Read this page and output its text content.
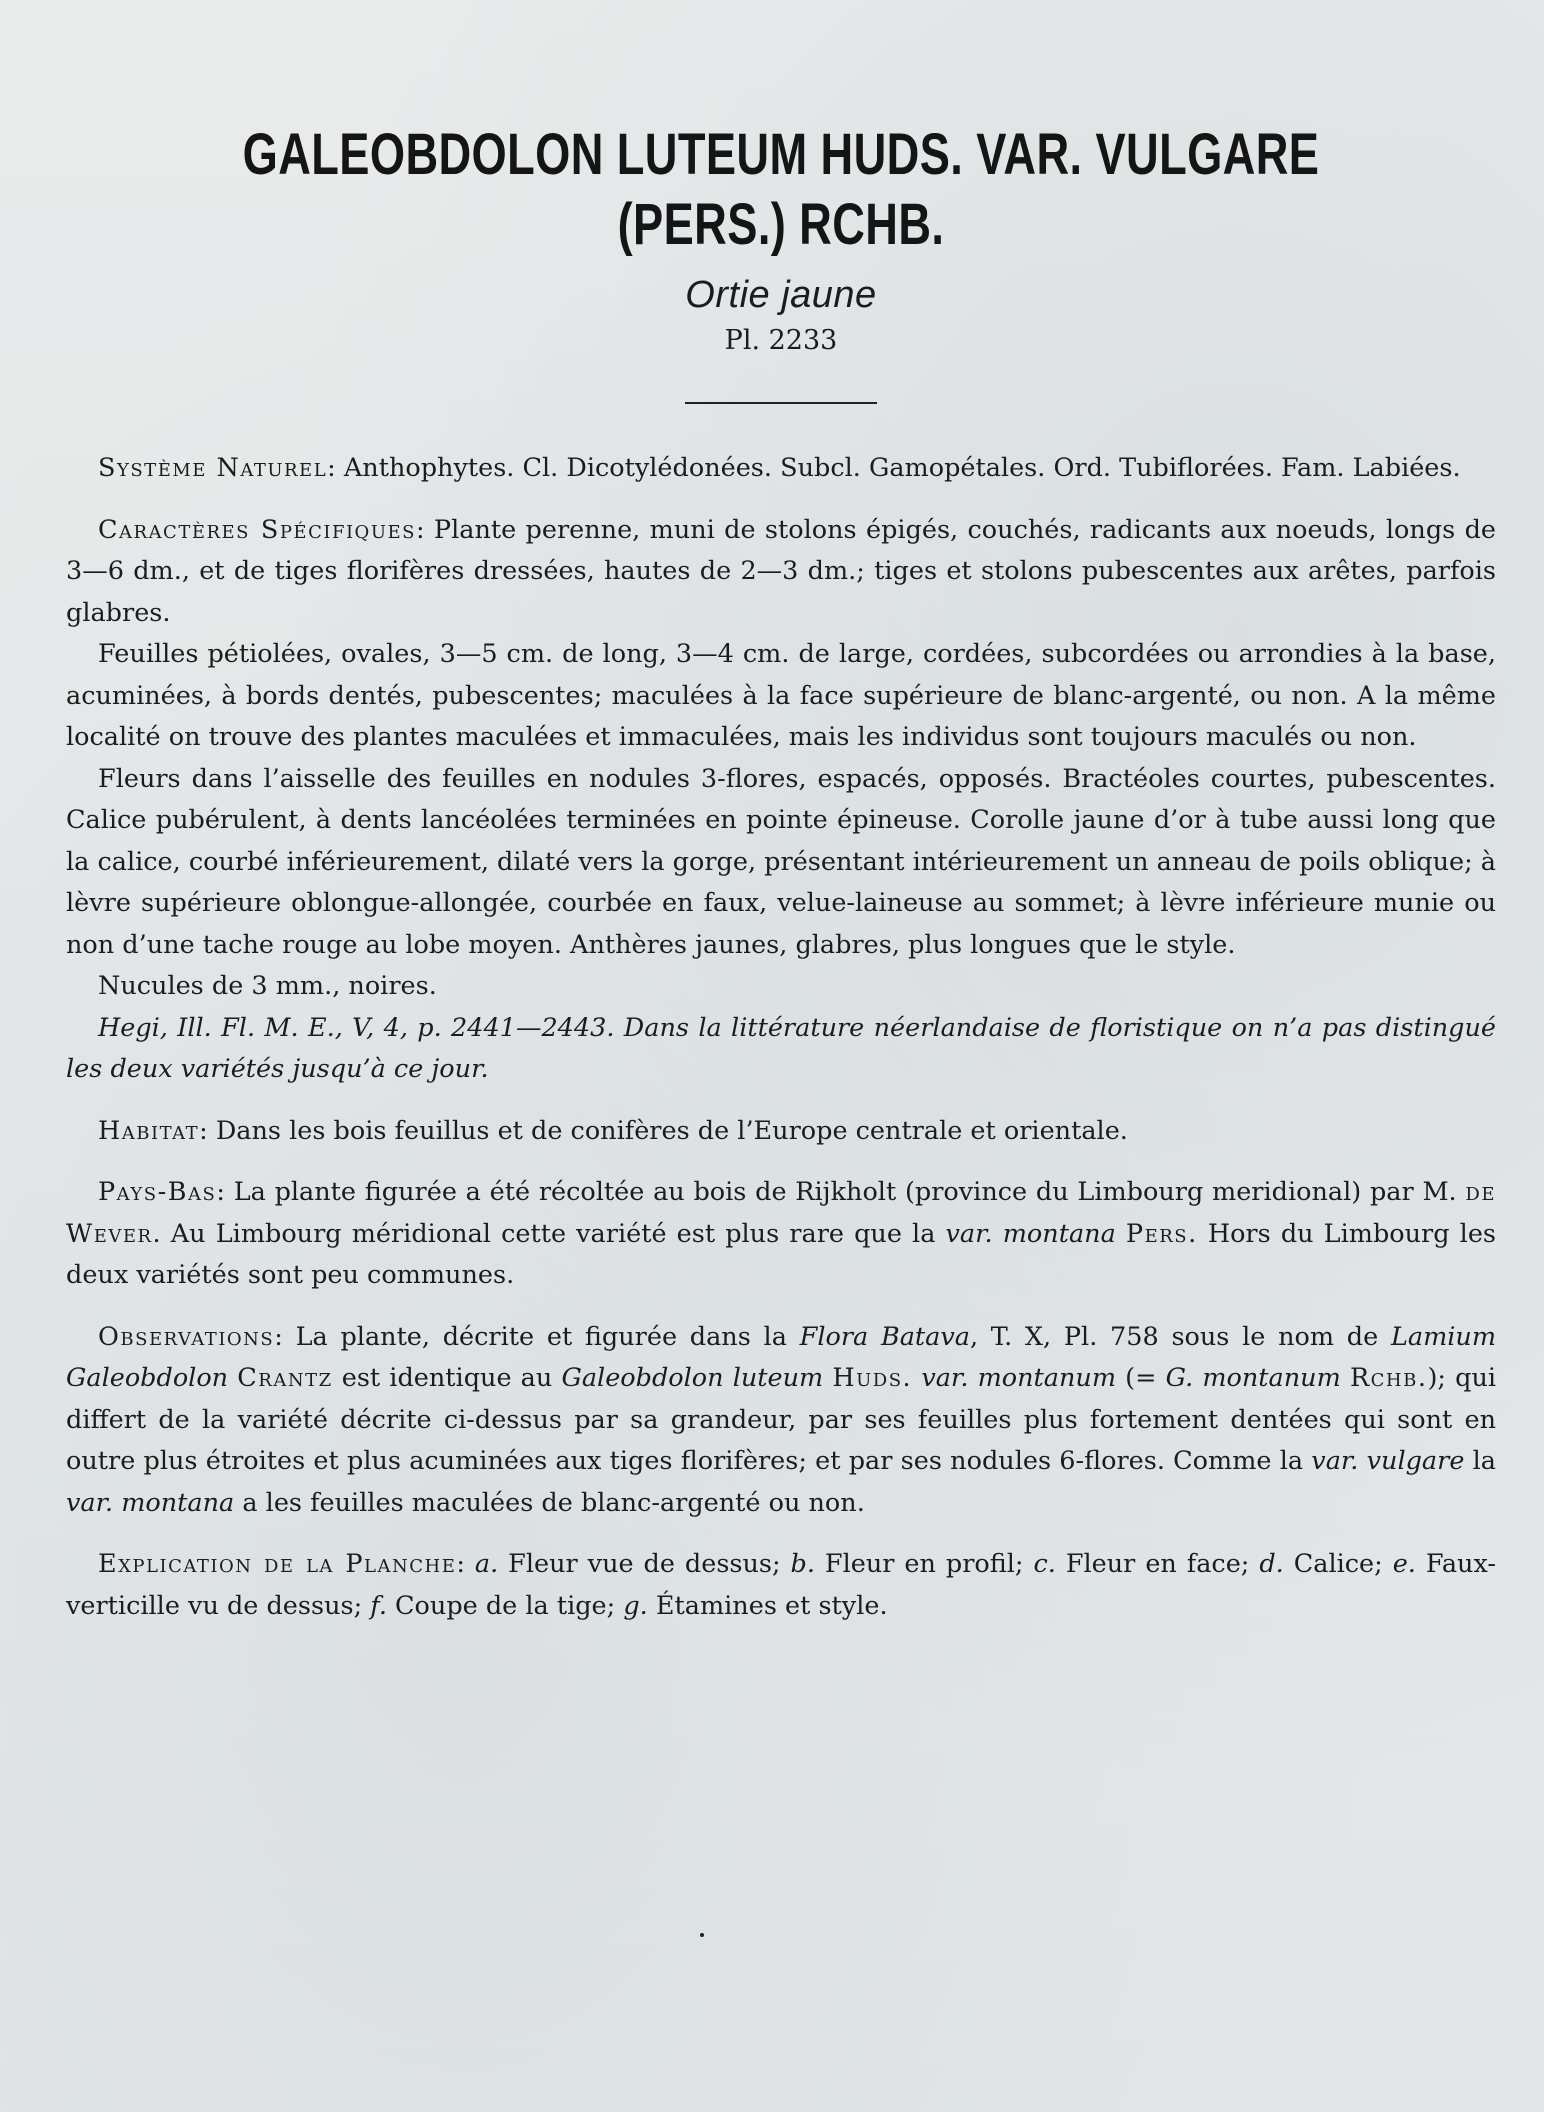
GALEOBDOLON LUTEUM HUDS. VAR. VULGARE
(PERS.) RCHB.
Ortie jaune
Pl. 2233

Système Naturel: Anthophytes. Cl. Dicotylédonées. Subcl. Gamopétales. Ord. Tubiflorées. Fam. Labiées.

Caractères Spécifiques: Plante perenne, muni de stolons épigés, couchés, radicants aux noeuds, longs de 3—6 dm., et de tiges florifères dressées, hautes de 2—3 dm.; tiges et stolons pubescentes aux arêtes, parfois glabres.

Feuilles pétiolées, ovales, 3—5 cm. de long, 3—4 cm. de large, cordées, subcordées ou arrondies à la base, acuminées, à bords dentés, pubescentes; maculées à la face supérieure de blanc-argenté, ou non. A la même localité on trouve des plantes maculées et immaculées, mais les individus sont toujours maculés ou non.

Fleurs dans l’aisselle des feuilles en nodules 3-flores, espacés, opposés. Bractéoles courtes, pubescentes. Calice pubérulent, à dents lancéolées terminées en pointe épineuse. Corolle jaune d’or à tube aussi long que la calice, courbé inférieurement, dilaté vers la gorge, présentant intérieurement un anneau de poils oblique; à lèvre supérieure oblongue-allongée, courbée en faux, velue-laineuse au sommet; à lèvre inférieure munie ou non d’une tache rouge au lobe moyen. Anthères jaunes, glabres, plus longues que le style.

Nucules de 3 mm., noires.

Hegi, Ill. Fl. M. E., V, 4, p. 2441—2443. Dans la littérature néerlandaise de floristique on n’a pas distingué les deux variétés jusqu’à ce jour.

Habitat: Dans les bois feuillus et de conifères de l’Europe centrale et orientale.

Pays-Bas: La plante figurée a été récoltée au bois de Rijkholt (province du Limbourg meridional) par M. de Wever. Au Limbourg méridional cette variété est plus rare que la var. montana Pers. Hors du Limbourg les deux variétés sont peu communes.

Observations: La plante, décrite et figurée dans la Flora Batava, T. X, Pl. 758 sous le nom de Lamium Galeobdolon Crantz est identique au Galeobdolon luteum Huds. var. montanum (= G. montanum Rchb.); qui differt de la variété décrite ci-dessus par sa grandeur, par ses feuilles plus fortement dentées qui sont en outre plus étroites et plus acuminées aux tiges florifères; et par ses nodules 6-flores. Comme la var. vulgare la var. montana a les feuilles maculées de blanc-argenté ou non.

Explication de la Planche: a. Fleur vue de dessus; b. Fleur en profil; c. Fleur en face; d. Calice; e. Faux-verticille vu de dessus; f. Coupe de la tige; g. Étamines et style.
